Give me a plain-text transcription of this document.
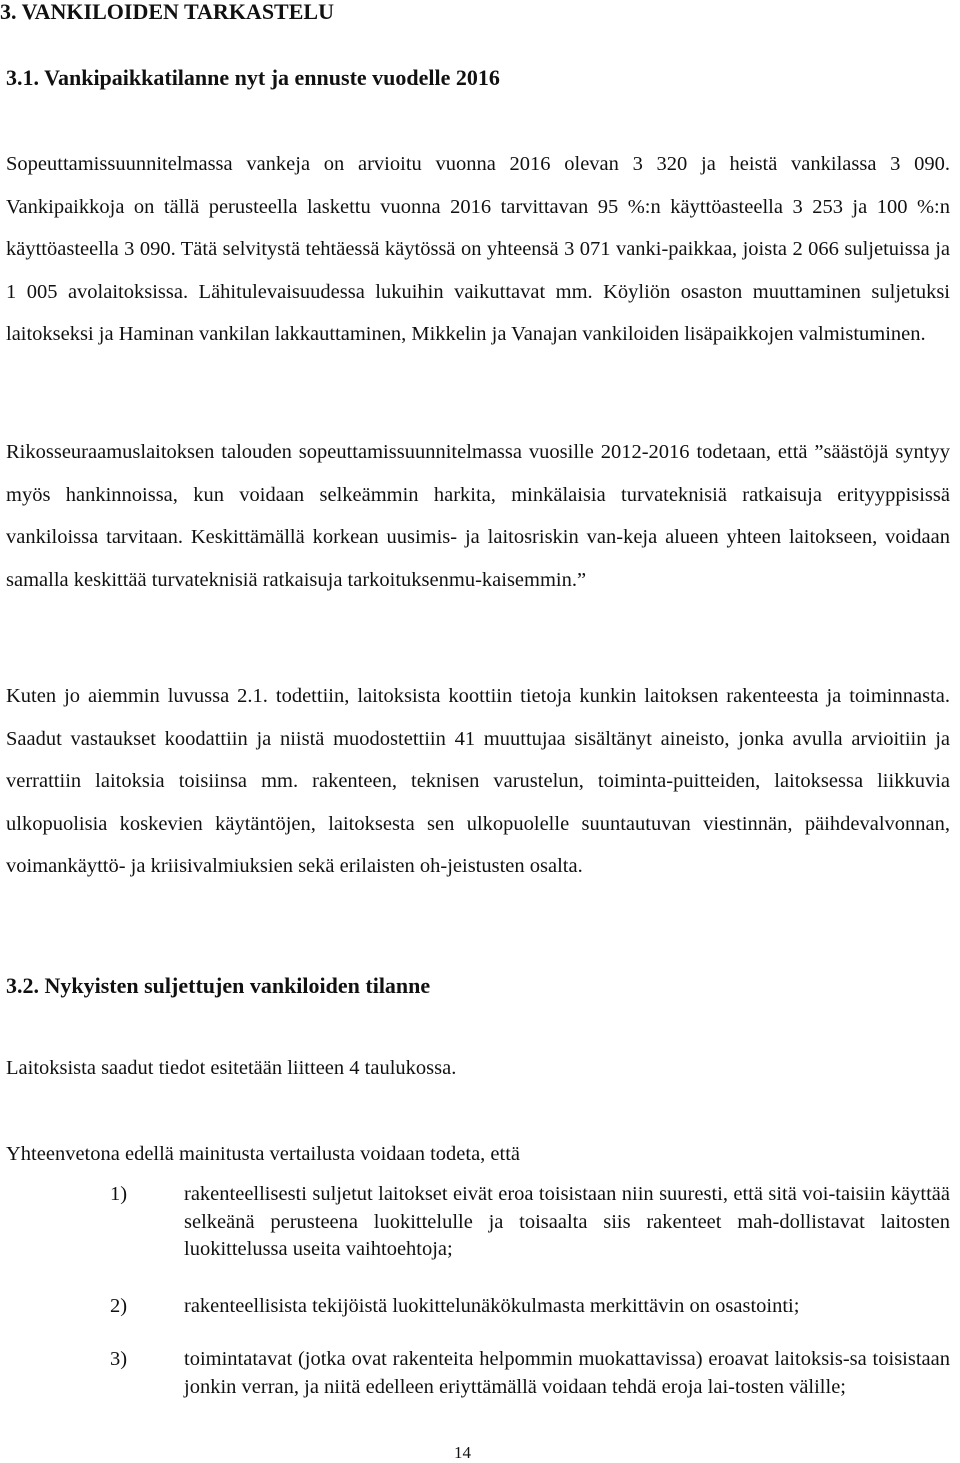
3. VANKILOIDEN TARKASTELU
3.1. Vankipaikkatilanne nyt ja ennuste vuodelle 2016

Sopeuttamissuunnitelmassa vankeja on arvioitu vuonna 2016 olevan 3 320 ja heistä vankilassa 3 090. Vankipaikkoja on tällä perusteella laskettu vuonna 2016 tarvittavan 95 %:n käyttöasteella 3 253 ja 100 %:n käyttöasteella 3 090. Tätä selvitystä tehtäessä käytössä on yhteensä 3 071 vanki-paikkaa, joista 2 066 suljetuissa ja 1 005 avolaitoksissa. Lähitulevaisuudessa lukuihin vaikuttavat mm. Köyliön osaston muuttaminen suljetuksi laitokseksi ja Haminan vankilan lakkauttaminen, Mikkelin ja Vanajan vankiloiden lisäpaikkojen valmistuminen.

Rikosseuraamuslaitoksen talouden sopeuttamissuunnitelmassa vuosille 2012-2016 todetaan, että ”säästöjä syntyy myös hankinnoissa, kun voidaan selkeämmin harkita, minkälaisia turvateknisiä ratkaisuja erityyppisissä vankiloissa tarvitaan. Keskittämällä korkean uusimis- ja laitosriskin van-keja alueen yhteen laitokseen, voidaan samalla keskittää turvateknisiä ratkaisuja tarkoituksenmu-kaisemmin.”

Kuten jo aiemmin luvussa 2.1. todettiin, laitoksista koottiin tietoja kunkin laitoksen rakenteesta ja toiminnasta. Saadut vastaukset koodattiin ja niistä muodostettiin 41 muuttujaa sisältänyt aineisto, jonka avulla arvioitiin ja verrattiin laitoksia toisiinsa mm. rakenteen, teknisen varustelun, toiminta-puitteiden, laitoksessa liikkuvia ulkopuolisia koskevien käytäntöjen, laitoksesta sen ulkopuolelle suuntautuvan viestinnän, päihdevalvonnan, voimankäyttö- ja kriisivalmiuksien sekä erilaisten oh-jeistusten osalta.

3.2. Nykyisten suljettujen vankiloiden tilanne

Laitoksista saadut tiedot esitetään liitteen 4 taulukossa.

Yhteenvetona edellä mainitusta vertailusta voidaan todeta, että

1)	rakenteellisesti suljetut laitokset eivät eroa toisistaan niin suuresti, että sitä voi-taisiin käyttää selkeänä perusteena luokittelulle ja toisaalta siis rakenteet mah-dollistavat laitosten luokittelussa useita vaihtoehtoja;

2)	rakenteellisista tekijöistä luokittelunäkökulmasta merkittävin on osastointi;

3)	toimintatavat (jotka ovat rakenteita helpommin muokattavissa) eroavat laitoksis-sa toisistaan jonkin verran, ja niitä edelleen eriyttämällä voidaan tehdä eroja lai-tosten välille;

14
